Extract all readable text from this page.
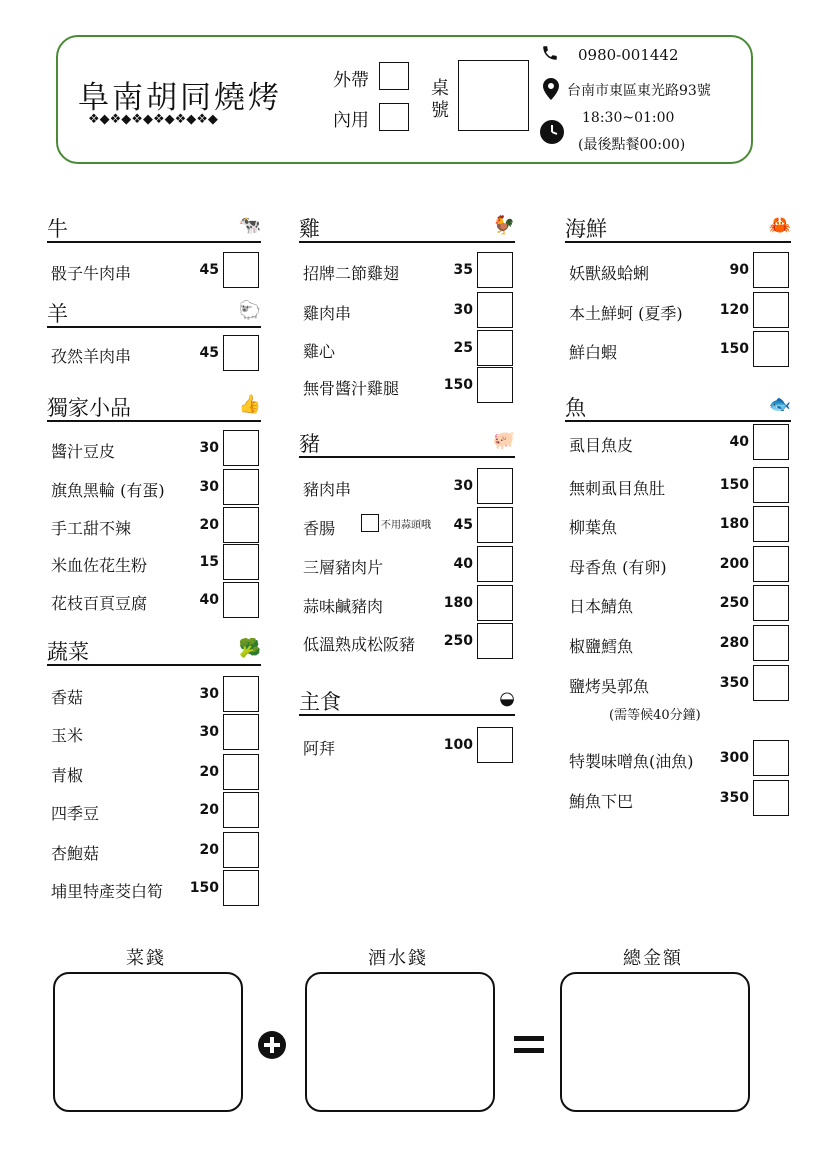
阜南胡同燒烤
❖◆❖◆❖◆❖◆❖◆❖◆
外帶
內用
桌
號
0980-001442
台南市東區東光路93號
18:30~01:00
(最後點餐00:00)
牛	🐄
骰子牛肉串	45
羊	🐑
孜然羊肉串	45
獨家小品	👍
醬汁豆皮	30
旗魚黑輪 (有蛋)	30
手工甜不辣	20
米血佐花生粉	15
花枝百頁豆腐	40
蔬菜	🥦
香菇	30
玉米	30
青椒	20
四季豆	20
杏鮑菇	20
埔里特產茭白筍	150
雞	🐓
招牌二節雞翅	35
雞肉串	30
雞心	25
無骨醬汁雞腿	150
豬	🐖
豬肉串	30
香腸	45
不用蒜頭哦
三層豬肉片	40
蒜味鹹豬肉	180
低溫熟成松阪豬	250
主食	◒
阿拜	100
海鮮	🦀
妖獸級蛤蜊	90
本土鮮蚵 (夏季)	120
鮮白蝦	150
魚	🐟
虱目魚皮	40
無刺虱目魚肚	150
柳葉魚	180
母香魚 (有卵)	200
日本鯖魚	250
椒鹽鱈魚	280
鹽烤吳郭魚	350
(需等候40分鐘)
特製味噌魚(油魚)	300
鮪魚下巴	350
菜錢	酒水錢	總金額
